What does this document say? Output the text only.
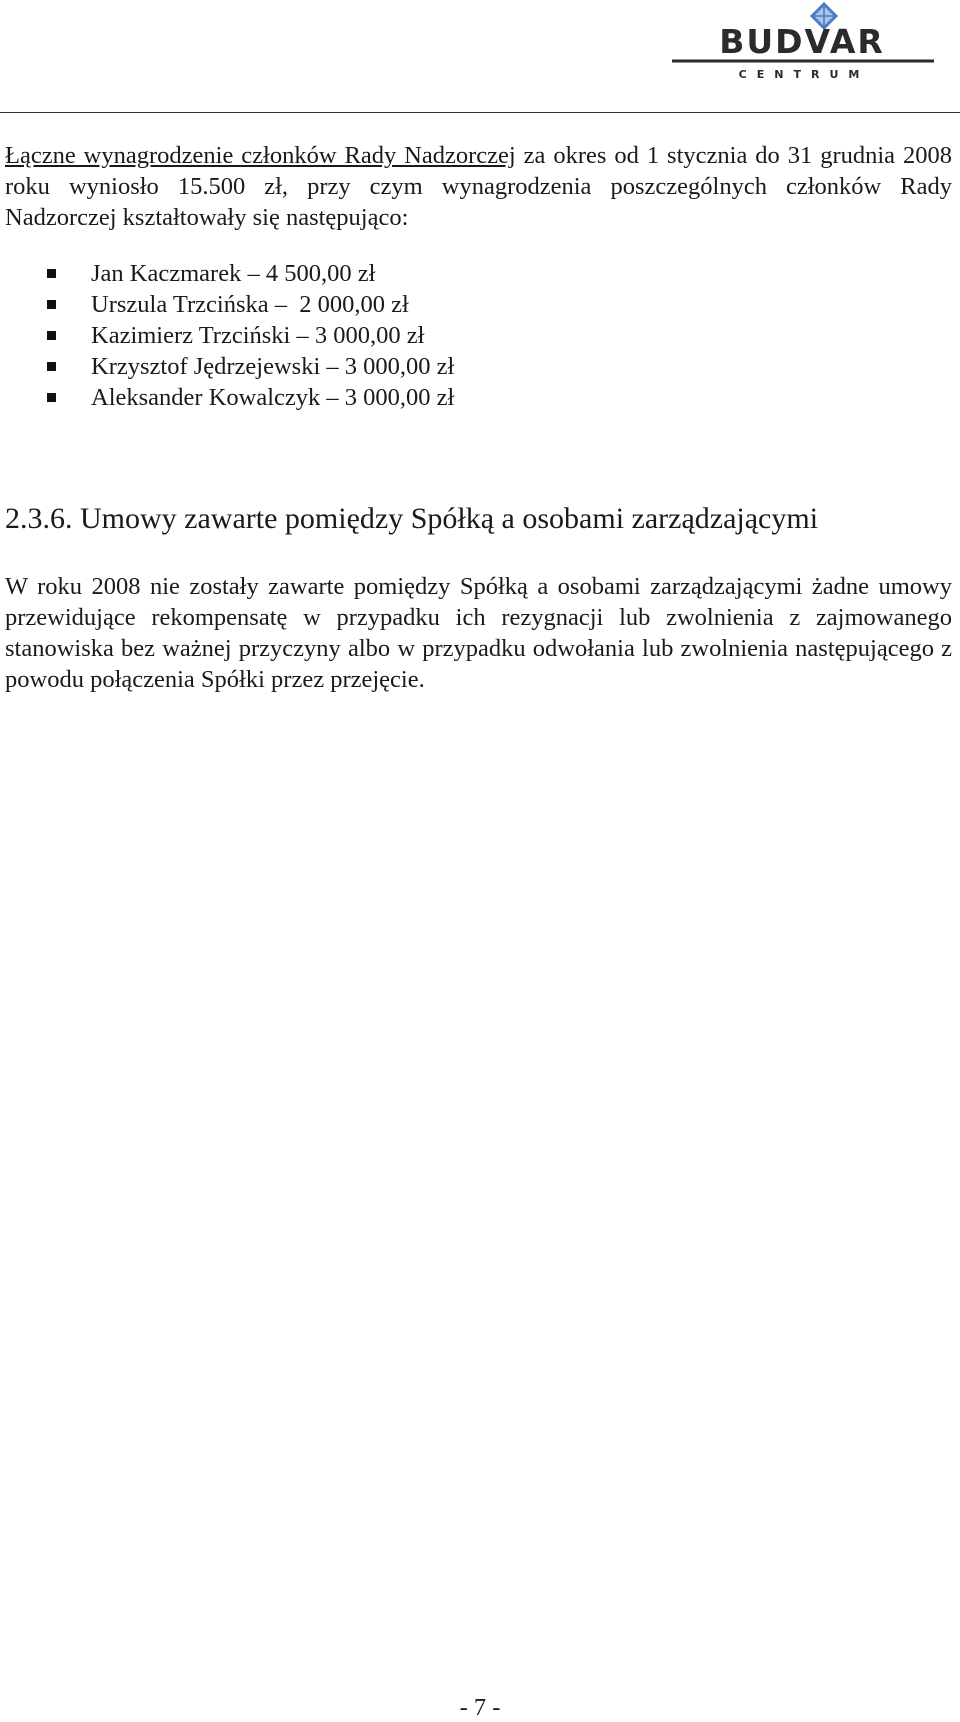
BUDVAR
CENTRUM

Łączne wynagrodzenie członków Rady Nadzorczej za okres od 1 stycznia do 31 grudnia 2008 roku wyniosło 15.500 zł, przy czym wynagrodzenia poszczególnych członków Rady Nadzorczej kształtowały się następująco:

Jan Kaczmarek – 4 500,00 zł
Urszula Trzcińska –  2 000,00 zł
Kazimierz Trzciński – 3 000,00 zł
Krzysztof Jędrzejewski – 3 000,00 zł
Aleksander Kowalczyk – 3 000,00 zł
2.3.6. Umowy zawarte pomiędzy Spółką a osobami zarządzającymi

W roku 2008 nie zostały zawarte pomiędzy Spółką a osobami zarządzającymi żadne umowy przewidujące rekompensatę w przypadku ich rezygnacji lub zwolnienia z zajmowanego stanowiska bez ważnej przyczyny albo w przypadku odwołania lub zwolnienia następującego z powodu połączenia Spółki przez przejęcie.

- 7 -
